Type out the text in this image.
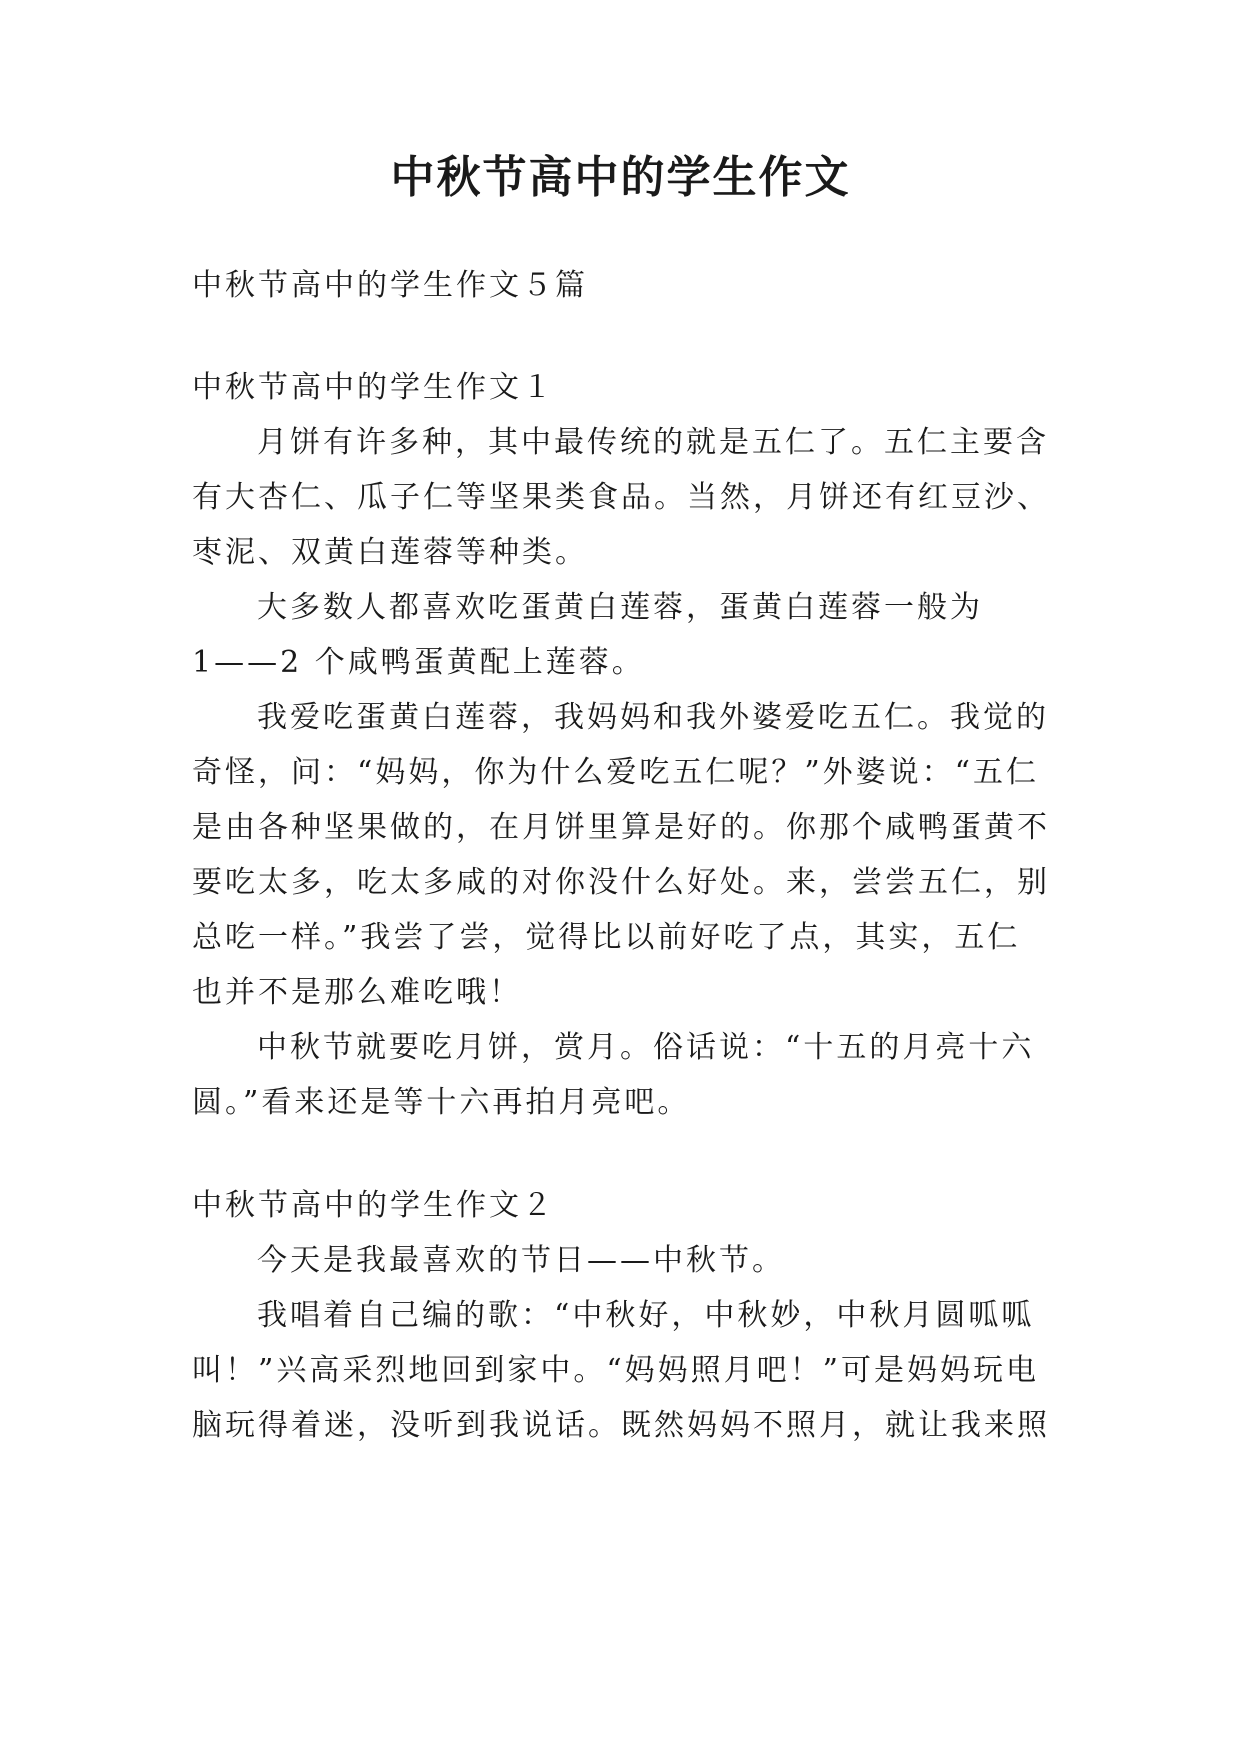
中秋节高中的学生作文

中秋节高中的学生作文５篇

中秋节高中的学生作文１

月饼有许多种，其中最传统的就是五仁了。五仁主要含

有大杏仁、瓜子仁等坚果类食品。当然，月饼还有红豆沙、

枣泥、双黄白莲蓉等种类。

大多数人都喜欢吃蛋黄白莲蓉，蛋黄白莲蓉一般为

1——2 个咸鸭蛋黄配上莲蓉。

我爱吃蛋黄白莲蓉，我妈妈和我外婆爱吃五仁。我觉的

奇怪，问：“妈妈，你为什么爱吃五仁呢？”外婆说：“五仁

是由各种坚果做的，在月饼里算是好的。你那个咸鸭蛋黄不

要吃太多，吃太多咸的对你没什么好处。来，尝尝五仁，别

总吃一样。”我尝了尝，觉得比以前好吃了点，其实，五仁

也并不是那么难吃哦！

中秋节就要吃月饼，赏月。俗话说：“十五的月亮十六

圆。”看来还是等十六再拍月亮吧。

中秋节高中的学生作文２

今天是我最喜欢的节日——中秋节。

我唱着自己编的歌：“中秋好，中秋妙，中秋月圆呱呱

叫！”兴高采烈地回到家中。“妈妈照月吧！”可是妈妈玩电

脑玩得着迷，没听到我说话。既然妈妈不照月，就让我来照
